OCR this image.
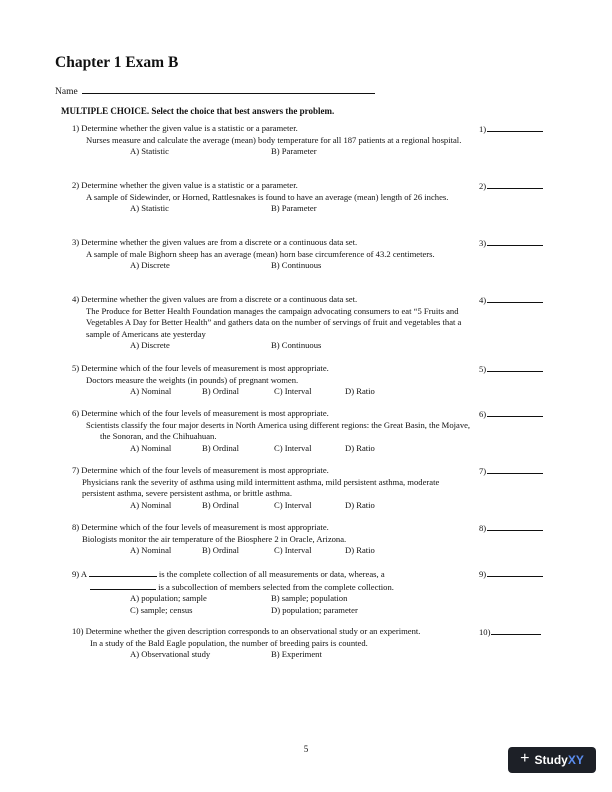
Chapter 1 Exam B
Name
MULTIPLE CHOICE. Select the choice that best answers the problem.
1) Determine whether the given value is a statistic or a parameter.
Nurses measure and calculate the average (mean) body temperature for all 187 patients at a regional hospital.
A) Statistic	B) Parameter
1)
2) Determine whether the given value is a statistic or a parameter.
A sample of Sidewinder, or Horned, Rattlesnakes is found to have an average (mean) length of 26 inches.
A) Statistic	B) Parameter
2)
3) Determine whether the given values are from a discrete or a continuous data set.
A sample of male Bighorn sheep has an average (mean) horn base circumference of 43.2 centimeters.
A) Discrete	B) Continuous
3)
4) Determine whether the given values are from a discrete or a continuous data set.
The Produce for Better Health Foundation manages the campaign advocating consumers to eat “5 Fruits and Vegetables A Day for Better Health” and gathers data on the number of servings of fruit and vegetables that a sample of Americans ate yesterday
A) Discrete	B) Continuous
4)
5) Determine which of the four levels of measurement is most appropriate.
Doctors measure the weights (in pounds) of pregnant women.
A) Nominal	B) Ordinal	C) Interval	D) Ratio
5)
6) Determine which of the four levels of measurement is most appropriate.
Scientists classify the four major deserts in North America using different regions: the Great Basin, the Mojave, the Sonoran, and the Chihuahuan.
A) Nominal	B) Ordinal	C) Interval	D) Ratio
6)
7) Determine which of the four levels of measurement is most appropriate.
Physicians rank the severity of asthma using mild intermittent asthma, mild persistent asthma, moderate persistent asthma, severe persistent asthma, or brittle asthma.
A) Nominal	B) Ordinal	C) Interval	D) Ratio
7)
8) Determine which of the four levels of measurement is most appropriate.
Biologists monitor the air temperature of the Biosphere 2 in Oracle, Arizona.
A) Nominal	B) Ordinal	C) Interval	D) Ratio
8)
9) A	is the complete collection of all measurements or data, whereas, a
is a subcollection of members selected from the complete collection.
A) population; sample	B) sample; population
C) sample; census	D) population; parameter
9)
10) Determine whether the given description corresponds to an observational study or an experiment.
In a study of the Bald Eagle population, the number of breeding pairs is counted.
A) Observational study	B) Experiment
10)
5
+ StudyXY
